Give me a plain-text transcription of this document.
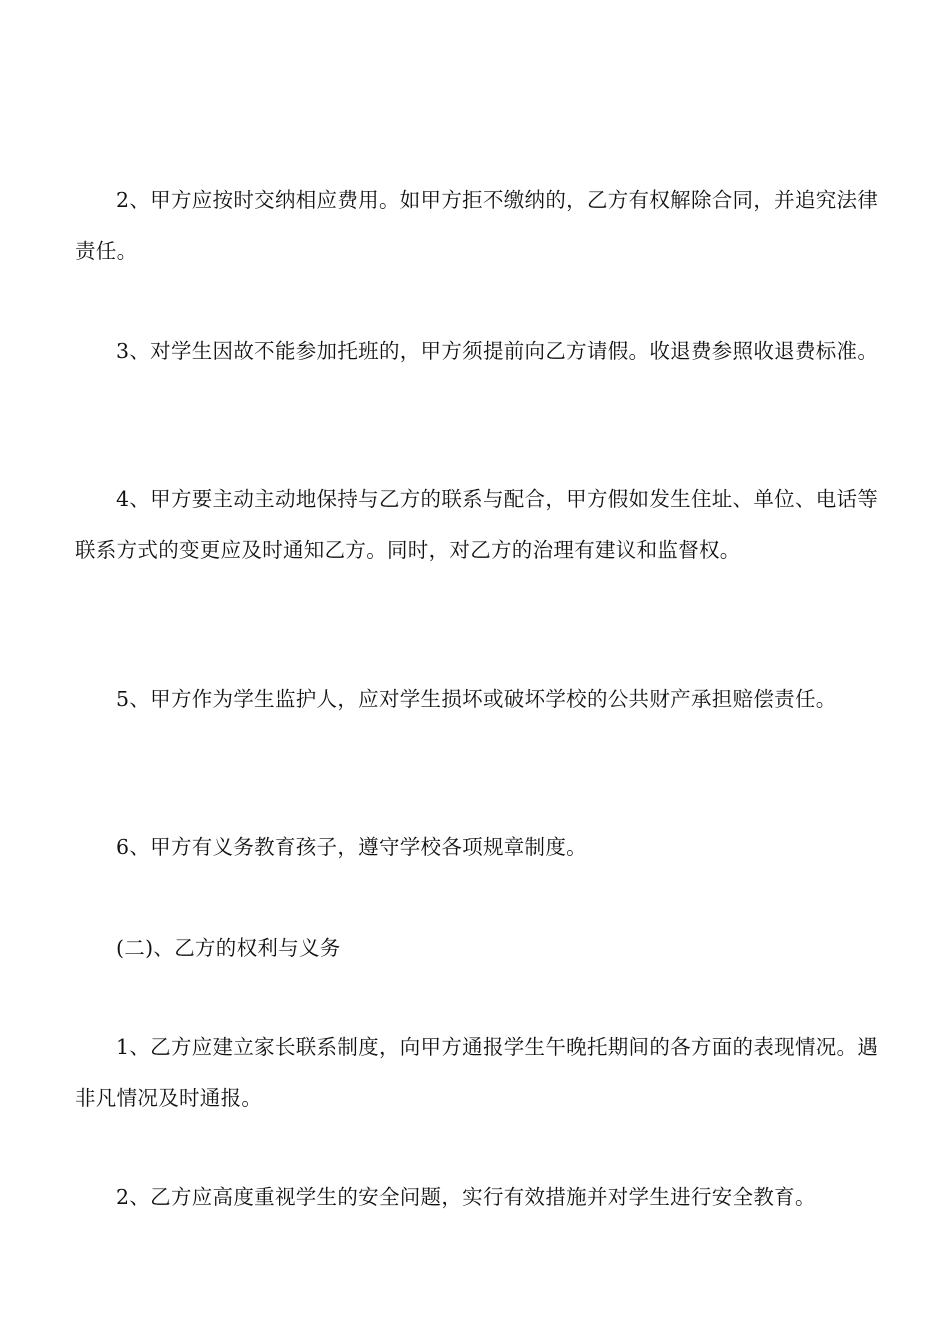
2、甲方应按时交纳相应费用。如甲方拒不缴纳的，乙方有权解除合同，并追究法律责任。

3、对学生因故不能参加托班的，甲方须提前向乙方请假。收退费参照收退费标准。

4、甲方要主动主动地保持与乙方的联系与配合，甲方假如发生住址、单位、电话等联系方式的变更应及时通知乙方。同时，对乙方的治理有建议和监督权。

5、甲方作为学生监护人，应对学生损坏或破坏学校的公共财产承担赔偿责任。

6、甲方有义务教育孩子，遵守学校各项规章制度。

(二)、乙方的权利与义务

1、乙方应建立家长联系制度，向甲方通报学生午晚托期间的各方面的表现情况。遇非凡情况及时通报。

2、乙方应高度重视学生的安全问题，实行有效措施并对学生进行安全教育。
